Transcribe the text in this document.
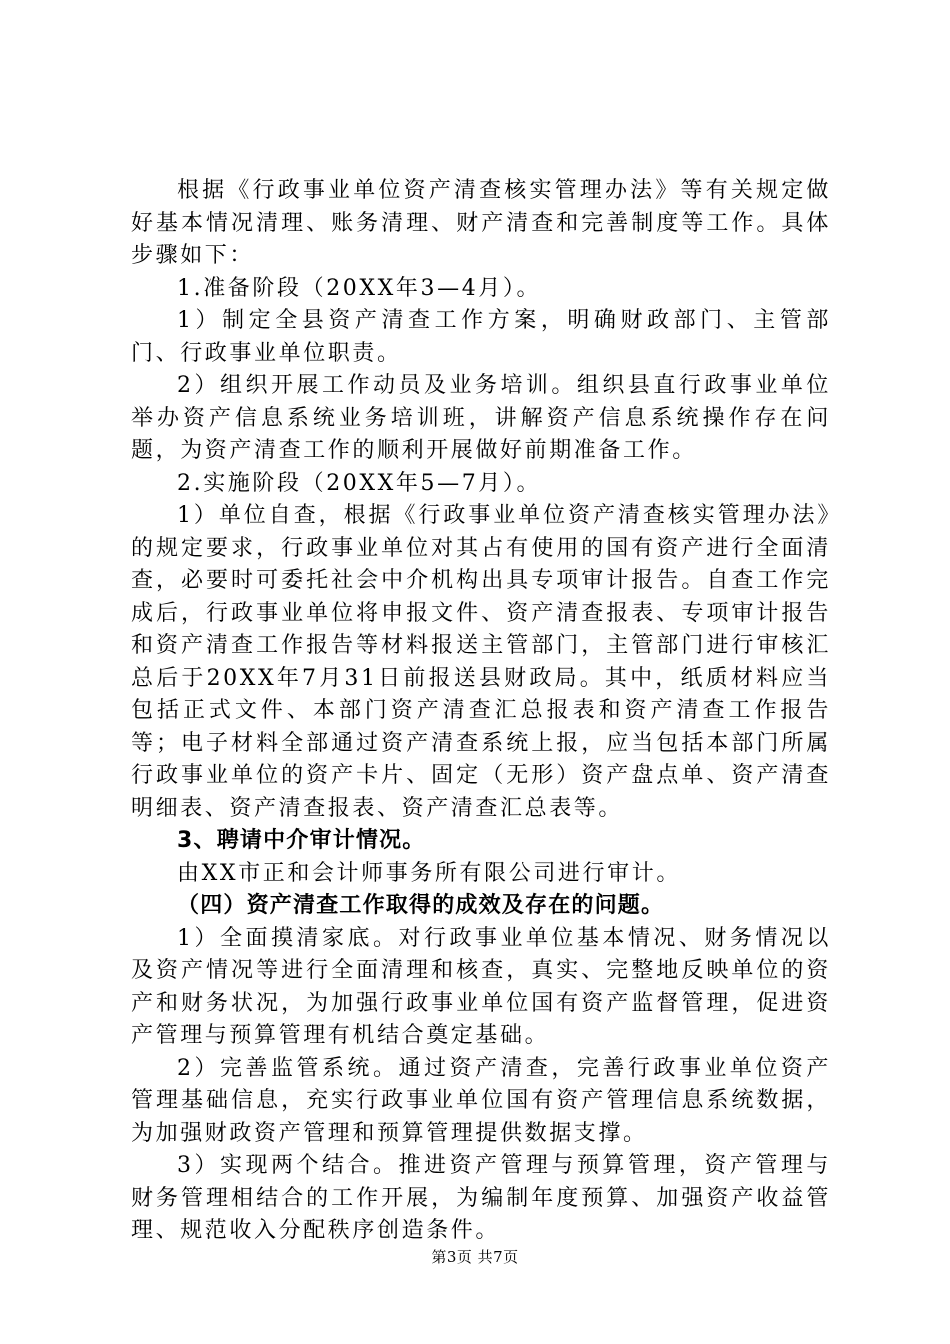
根据《行政事业单位资产清查核实管理办法》等有关规定做好基本情况清理、账务清理、财产清查和完善制度等工作。具体步骤如下：

1.准备阶段（20XX年3—4月）。

1）制定全县资产清查工作方案，明确财政部门、主管部门、行政事业单位职责。

2）组织开展工作动员及业务培训。组织县直行政事业单位举办资产信息系统业务培训班，讲解资产信息系统操作存在问题，为资产清查工作的顺利开展做好前期准备工作。

2.实施阶段（20XX年5—7月）。

1）单位自查，根据《行政事业单位资产清查核实管理办法》的规定要求，行政事业单位对其占有使用的国有资产进行全面清查，必要时可委托社会中介机构出具专项审计报告。自查工作完成后，行政事业单位将申报文件、资产清查报表、专项审计报告和资产清查工作报告等材料报送主管部门，主管部门进行审核汇总后于20XX年7月31日前报送县财政局。其中，纸质材料应当包括正式文件、本部门资产清查汇总报表和资产清查工作报告等；电子材料全部通过资产清查系统上报，应当包括本部门所属行政事业单位的资产卡片、固定（无形）资产盘点单、资产清查明细表、资产清查报表、资产清查汇总表等。

3、聘请中介审计情况。

由XX市正和会计师事务所有限公司进行审计。

（四）资产清查工作取得的成效及存在的问题。

1）全面摸清家底。对行政事业单位基本情况、财务情况以及资产情况等进行全面清理和核查，真实、完整地反映单位的资产和财务状况，为加强行政事业单位国有资产监督管理，促进资产管理与预算管理有机结合奠定基础。

2）完善监管系统。通过资产清查，完善行政事业单位资产管理基础信息，充实行政事业单位国有资产管理信息系统数据，为加强财政资产管理和预算管理提供数据支撑。

3）实现两个结合。推进资产管理与预算管理，资产管理与财务管理相结合的工作开展，为编制年度预算、加强资产收益管理、规范收入分配秩序创造条件。

第3页 共7页
